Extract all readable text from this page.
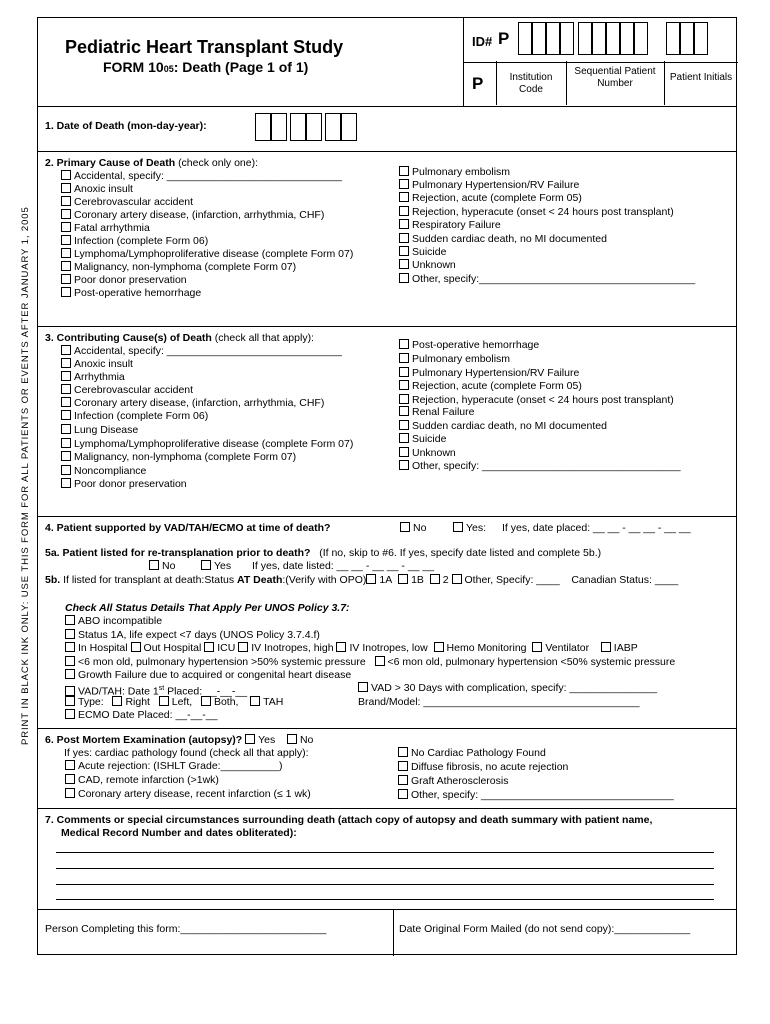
PRINT IN BLACK INK ONLY: USE THIS FORM FOR ALL PATIENTS OR EVENTS AFTER JANUARY 1, 2005
Pediatric Heart Transplant Study
FORM 1005: Death (Page 1 of 1)
ID# P
P	Institution Code
Sequential Patient Number
Patient Initials
1. Date of Death (mon-day-year):
2. Primary Cause of Death (check only one):
Accidental, specify: ______________________________
Anoxic insult
Cerebrovascular accident
Coronary artery disease, (infarction, arrhythmia, CHF)
Fatal arrhythmia
Infection (complete Form 06)
Lymphoma/Lymphoproliferative disease (complete Form 07)
Malignancy, non-lymphoma (complete Form 07)
Poor donor preservation
Post-operative hemorrhage
Pulmonary embolism
Pulmonary Hypertension/RV Failure
Rejection, acute (complete Form 05)
Rejection, hyperacute (onset < 24 hours post transplant)
Respiratory Failure
Sudden cardiac death, no MI documented
Suicide
Unknown
Other, specify:_____________________________________
3. Contributing Cause(s) of Death (check all that apply):
Accidental, specify: ______________________________
Anoxic insult
Arrhythmia
Cerebrovascular accident
Coronary artery disease, (infarction, arrhythmia, CHF)
Infection (complete Form 06)
Lung Disease
Lymphoma/Lymphoproliferative disease (complete Form 07)
Malignancy, non-lymphoma (complete Form 07)
Noncompliance
Poor donor preservation
Post-operative hemorrhage
Pulmonary embolism
Pulmonary Hypertension/RV Failure
Rejection, acute (complete Form 05)
Rejection, hyperacute (onset < 24 hours post transplant)
Renal Failure
Sudden cardiac death, no MI documented
Suicide
Unknown
Other, specify: __________________________________
4. Patient supported by VAD/TAH/ECMO at time of death?	No	Yes: If yes, date placed: __ __ - __ __ - __ __
5a. Patient listed for re-transplanation prior to death? (If no, skip to #6. If yes, specify date listed and complete 5b.)
No	Yes If yes, date listed: __ __ - __ __ - __ __
5b. If listed for transplant at death:Status AT Death:(Verify with OPO) 1A 1B 2 Other, Specify: ____ Canadian Status: ____
Check All Status Details That Apply Per UNOS Policy 3.7:
ABO incompatible
Status 1A, life expect <7 days (UNOS Policy 3.7.4.f)
In Hospital Out Hospital ICU IV Inotropes, high IV Inotropes, low Hemo Monitoring Ventilator IABP
<6 mon old, pulmonary hypertension >50% systemic pressure <6 mon old, pulmonary hypertension <50% systemic pressure
Growth Failure due to acquired or congenital heart disease
VAD/TAH: Date 1st Placed: __-__-__	VAD > 30 Days with complication, specify: _______________
Type: Right Left, Both, TAH	Brand/Model: _____________________________________
ECMO Date Placed: __-__-__
6. Post Mortem Examination (autopsy)? Yes No
If yes: cardiac pathology found (check all that apply):
Acute rejection: (ISHLT Grade:__________)
CAD, remote infarction (>1wk)
Coronary artery disease, recent infarction (≤ 1 wk)
No Cardiac Pathology Found
Diffuse fibrosis, no acute rejection
Graft Atherosclerosis
Other, specify: _________________________________
7. Comments or special circumstances surrounding death (attach copy of autopsy and death summary with patient name,
Medical Record Number and dates obliterated):
Person Completing this form:_________________________	Date Original Form Mailed (do not send copy):_____________
